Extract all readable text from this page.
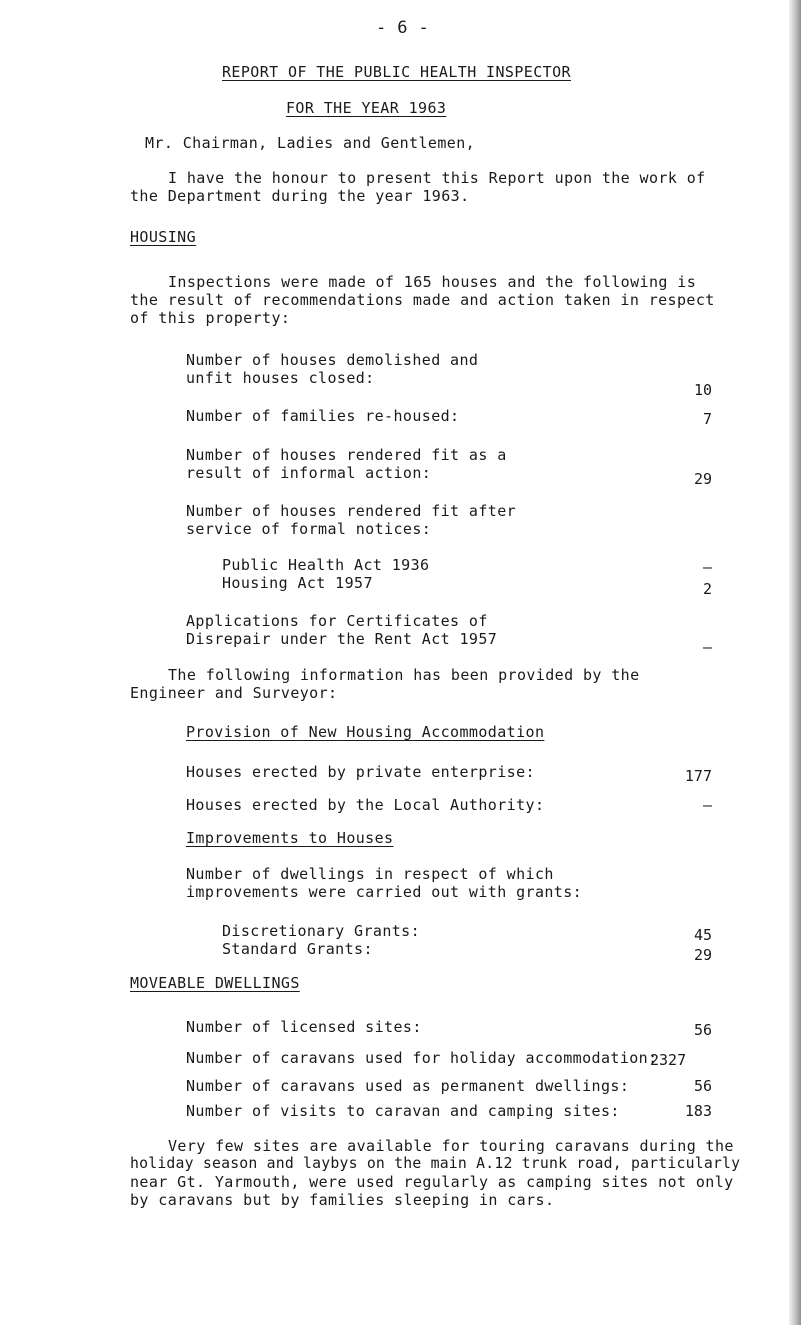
- 6 -
REPORT OF THE PUBLIC HEALTH INSPECTOR
FOR THE YEAR 1963
Mr. Chairman, Ladies and Gentlemen,
I have the honour to present this Report upon the work of
the Department during the year 1963.
HOUSING
Inspections were made of 165 houses and the following is
the result of recommendations made and action taken in respect
of this property:
Number of houses demolished and
unfit houses closed:
10
Number of families re-housed:	7
Number of houses rendered fit as a
result of informal action:	29
Number of houses rendered fit after
service of formal notices:
Public Health Act 1936	–
Housing Act 1957	2
Applications for Certificates of
Disrepair under the Rent Act 1957	–
The following information has been provided by the
Engineer and Surveyor:
Provision of New Housing Accommodation
Houses erected by private enterprise:	177
Houses erected by the Local Authority:	–
Improvements to Houses
Number of dwellings in respect of which
improvements were carried out with grants:
Discretionary Grants:	45
Standard Grants:	29
MOVEABLE DWELLINGS
Number of licensed sites:	56
Number of caravans used for holiday accommodation:
2327
Number of caravans used as permanent dwellings:	56
Number of visits to caravan and camping sites:	183
Very few sites are available for touring caravans during the
holiday season and laybys on the main A.12 trunk road, particularly
near Gt. Yarmouth, were used regularly as camping sites not only
by caravans but by families sleeping in cars.
